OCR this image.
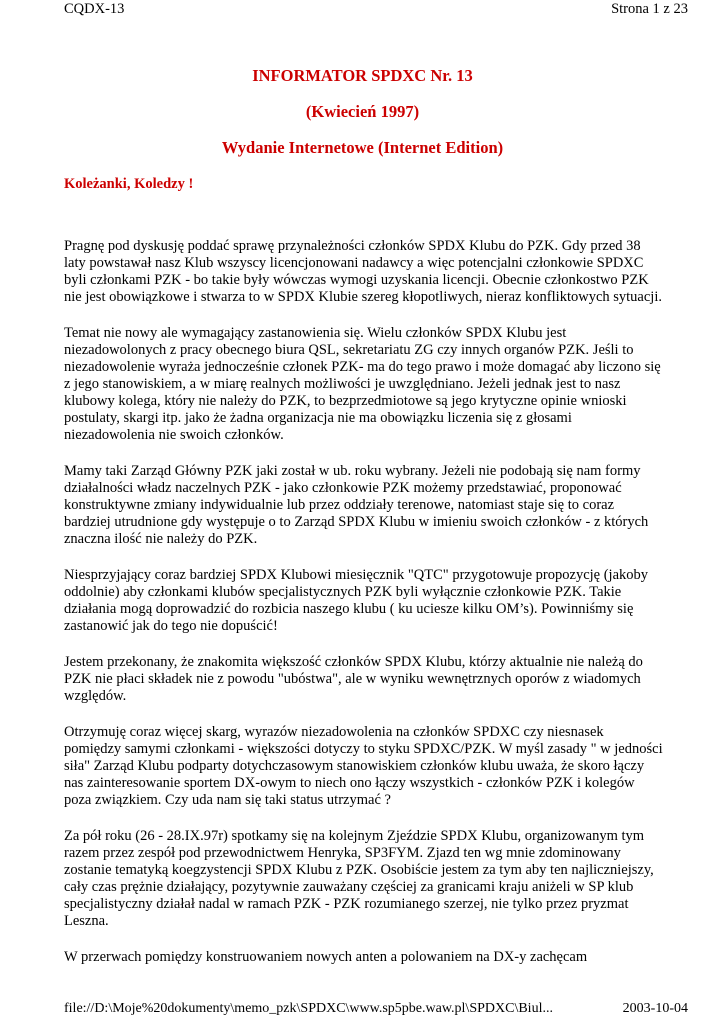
CQDX-13	Strona 1 z 23
INFORMATOR SPDXC Nr. 13
(Kwiecień 1997)
Wydanie Internetowe (Internet Edition)
Koleżanki, Koledzy !

Pragnę pod dyskusję poddać sprawę przynależności członków SPDX Klubu do PZK. Gdy przed 38 laty powstawał nasz Klub wszyscy licencjonowani nadawcy a więc potencjalni członkowie SPDXC byli członkami PZK - bo takie były wówczas wymogi uzyskania licencji. Obecnie członkostwo PZK nie jest obowiązkowe i stwarza to w SPDX Klubie szereg kłopotliwych, nieraz konfliktowych sytuacji.

Temat nie nowy ale wymagający zastanowienia się. Wielu członków SPDX Klubu jest niezadowolonych z pracy obecnego biura QSL, sekretariatu ZG czy innych organów PZK. Jeśli to niezadowolenie wyraża jednocześnie członek PZK- ma do tego prawo i może domagać aby liczono się z jego stanowiskiem, a w miarę realnych możliwości je uwzględniano. Jeżeli jednak jest to nasz klubowy kolega, który nie należy do PZK, to bezprzedmiotowe są jego krytyczne opinie wnioski postulaty, skargi itp. jako że żadna organizacja nie ma obowiązku liczenia się z głosami niezadowolenia nie swoich członków.

Mamy taki Zarząd Główny PZK jaki został w ub. roku wybrany. Jeżeli nie podobają się nam formy działalności władz naczelnych PZK - jako członkowie PZK możemy przedstawiać, proponować konstruktywne zmiany indywidualnie lub przez oddziały terenowe, natomiast staje się to coraz bardziej utrudnione gdy występuje o to Zarząd SPDX Klubu w imieniu swoich członków - z których znaczna ilość nie należy do PZK.

Niesprzyjający coraz bardziej SPDX Klubowi miesięcznik "QTC" przygotowuje propozycję (jakoby oddolnie) aby członkami klubów specjalistycznych PZK byli wyłącznie członkowie PZK. Takie działania mogą doprowadzić do rozbicia naszego klubu ( ku uciesze kilku OM’s). Powinniśmy się zastanowić jak do tego nie dopuścić!

Jestem przekonany, że znakomita większość członków SPDX Klubu, którzy aktualnie nie należą do PZK nie płaci składek nie z powodu "ubóstwa", ale w wyniku wewnętrznych oporów z wiadomych względów.

Otrzymuję coraz więcej skarg, wyrazów niezadowolenia na członków SPDXC czy niesnasek pomiędzy samymi członkami - większości dotyczy to styku SPDXC/PZK. W myśl zasady " w jedności siła" Zarząd Klubu podparty dotychczasowym stanowiskiem członków klubu uważa, że skoro łączy nas zainteresowanie sportem DX-owym to niech ono łączy wszystkich - członków PZK i kolegów poza związkiem. Czy uda nam się taki status utrzymać ?

Za pół roku (26 - 28.IX.97r) spotkamy się na kolejnym Zjeździe SPDX Klubu, organizowanym tym razem przez zespół pod przewodnictwem Henryka, SP3FYM. Zjazd ten wg mnie zdominowany zostanie tematyką koegzystencji SPDX Klubu z PZK. Osobiście jestem za tym aby ten najliczniejszy, cały czas prężnie działający, pozytywnie zauważany częściej za granicami kraju aniżeli w SP klub specjalistyczny działał nadal w ramach PZK - PZK rozumianego szerzej, nie tylko przez pryzmat Leszna.

W przerwach pomiędzy konstruowaniem nowych anten a polowaniem na DX-y zachęcam

file://D:\Moje%20dokumenty\memo_pzk\SPDXC\www.sp5pbe.waw.pl\SPDXC\Biul...	2003-10-04
